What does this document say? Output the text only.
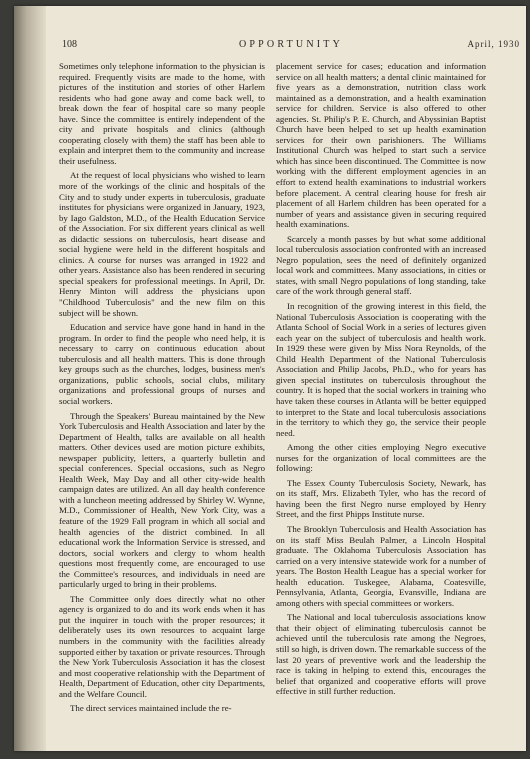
108	OPPORTUNITY	April, 1930

Sometimes only telephone information to the physician is required. Frequently visits are made to the home, with pictures of the institution and stories of other Harlem residents who had gone away and come back well, to break down the fear of hospital care so many people have. Since the committee is entirely independent of the city and private hospitals and clinics (although cooperating closely with them) the staff has been able to explain and interpret them to the community and increase their usefulness.

At the request of local physicians who wished to learn more of the workings of the clinic and hospitals of the City and to study under experts in tuberculosis, graduate institutes for physicians were organized in January, 1923, by Iago Galdston, M.D., of the Health Education Service of the Association. For six different years clinical as well as didactic sessions on tuberculosis, heart disease and social hygiene were held in the different hospitals and clinics. A course for nurses was arranged in 1922 and other years. Assistance also has been rendered in securing special speakers for professional meetings. In April, Dr. Henry Minton will address the physicians upon "Childhood Tuberculosis" and the new film on this subject will be shown.

Education and service have gone hand in hand in the program. In order to find the people who need help, it is necessary to carry on continuous education about tuberculosis and all health matters. This is done through key groups such as the churches, lodges, business men's organizations, public schools, social clubs, military organizations and professional groups of nurses and social workers.

Through the Speakers' Bureau maintained by the New York Tuberculosis and Health Association and later by the Department of Health, talks are available on all health matters. Other devices used are motion picture exhibits, newspaper publicity, letters, a quarterly bulletin and special conferences. Special occasions, such as Negro Health Week, May Day and all other city-wide health campaign dates are utilized. An all day health conference with a luncheon meeting addressed by Shirley W. Wynne, M.D., Commissioner of Health, New York City, was a feature of the 1929 Fall program in which all social and health agencies of the district combined. In all educational work the Information Service is stressed, and doctors, social workers and clergy to whom health questions most frequently come, are encouraged to use the Committee's resources, and individuals in need are particularly urged to bring in their problems.

The Committee only does directly what no other agency is organized to do and its work ends when it has put the inquirer in touch with the proper resources; it deliberately uses its own resources to acquaint large numbers in the community with the facilities already supported either by taxation or private resources. Through the New York Tuberculosis Association it has the closest and most cooperative relationship with the Department of Health, Department of Education, other city Departments, and the Welfare Council.

The direct services maintained include the re-

placement service for cases; education and information service on all health matters; a dental clinic maintained for five years as a demonstration, nutrition class work maintained as a demonstration, and a health examination service for children. Service is also offered to other agencies. St. Philip's P. E. Church, and Abyssinian Baptist Church have been helped to set up health examination services for their own parishioners. The Williams Institutional Church was helped to start such a service which has since been discontinued. The Committee is now working with the different employment agencies in an effort to extend health examinations to industrial workers before placement. A central clearing house for fresh air placement of all Harlem children has been operated for a number of years and assistance given in securing required health examinations.

Scarcely a month passes by but what some additional local tuberculosis association confronted with an increased Negro population, sees the need of definitely organized local work and committees. Many associations, in cities or states, with small Negro populations of long standing, take care of the work through general staff.

In recognition of the growing interest in this field, the National Tuberculosis Association is cooperating with the Atlanta School of Social Work in a series of lectures given each year on the subject of tuberculosis and health work. In 1929 these were given by Miss Nora Reynolds, of the Child Health Department of the National Tuberculosis Association and Philip Jacobs, Ph.D., who for years has given special institutes on tuberculosis throughout the country. It is hoped that the social workers in training who have taken these courses in Atlanta will be better equipped to interpret to the State and local tuberculosis associations in the territory to which they go, the service their people need.

Among the other cities employing Negro executive nurses for the organization of local committees are the following:

The Essex County Tuberculosis Society, Newark, has on its staff, Mrs. Elizabeth Tyler, who has the record of having been the first Negro nurse employed by Henry Street, and the first Phipps Institute nurse.

The Brooklyn Tuberculosis and Health Association has on its staff Miss Beulah Palmer, a Lincoln Hospital graduate. The Oklahoma Tuberculosis Association has carried on a very intensive statewide work for a number of years. The Boston Health League has a special worker for health education. Tuskegee, Alabama, Coatesville, Pennsylvania, Atlanta, Georgia, Evansville, Indiana are among others with special committees or workers.

The National and local tuberculosis associations know that their object of eliminating tuberculosis cannot be achieved until the tuberculosis rate among the Negroes, still so high, is driven down. The remarkable success of the last 20 years of preventive work and the leadership the race is taking in helping to extend this, encourages the belief that organized and cooperative efforts will prove effective in still further reduction.
